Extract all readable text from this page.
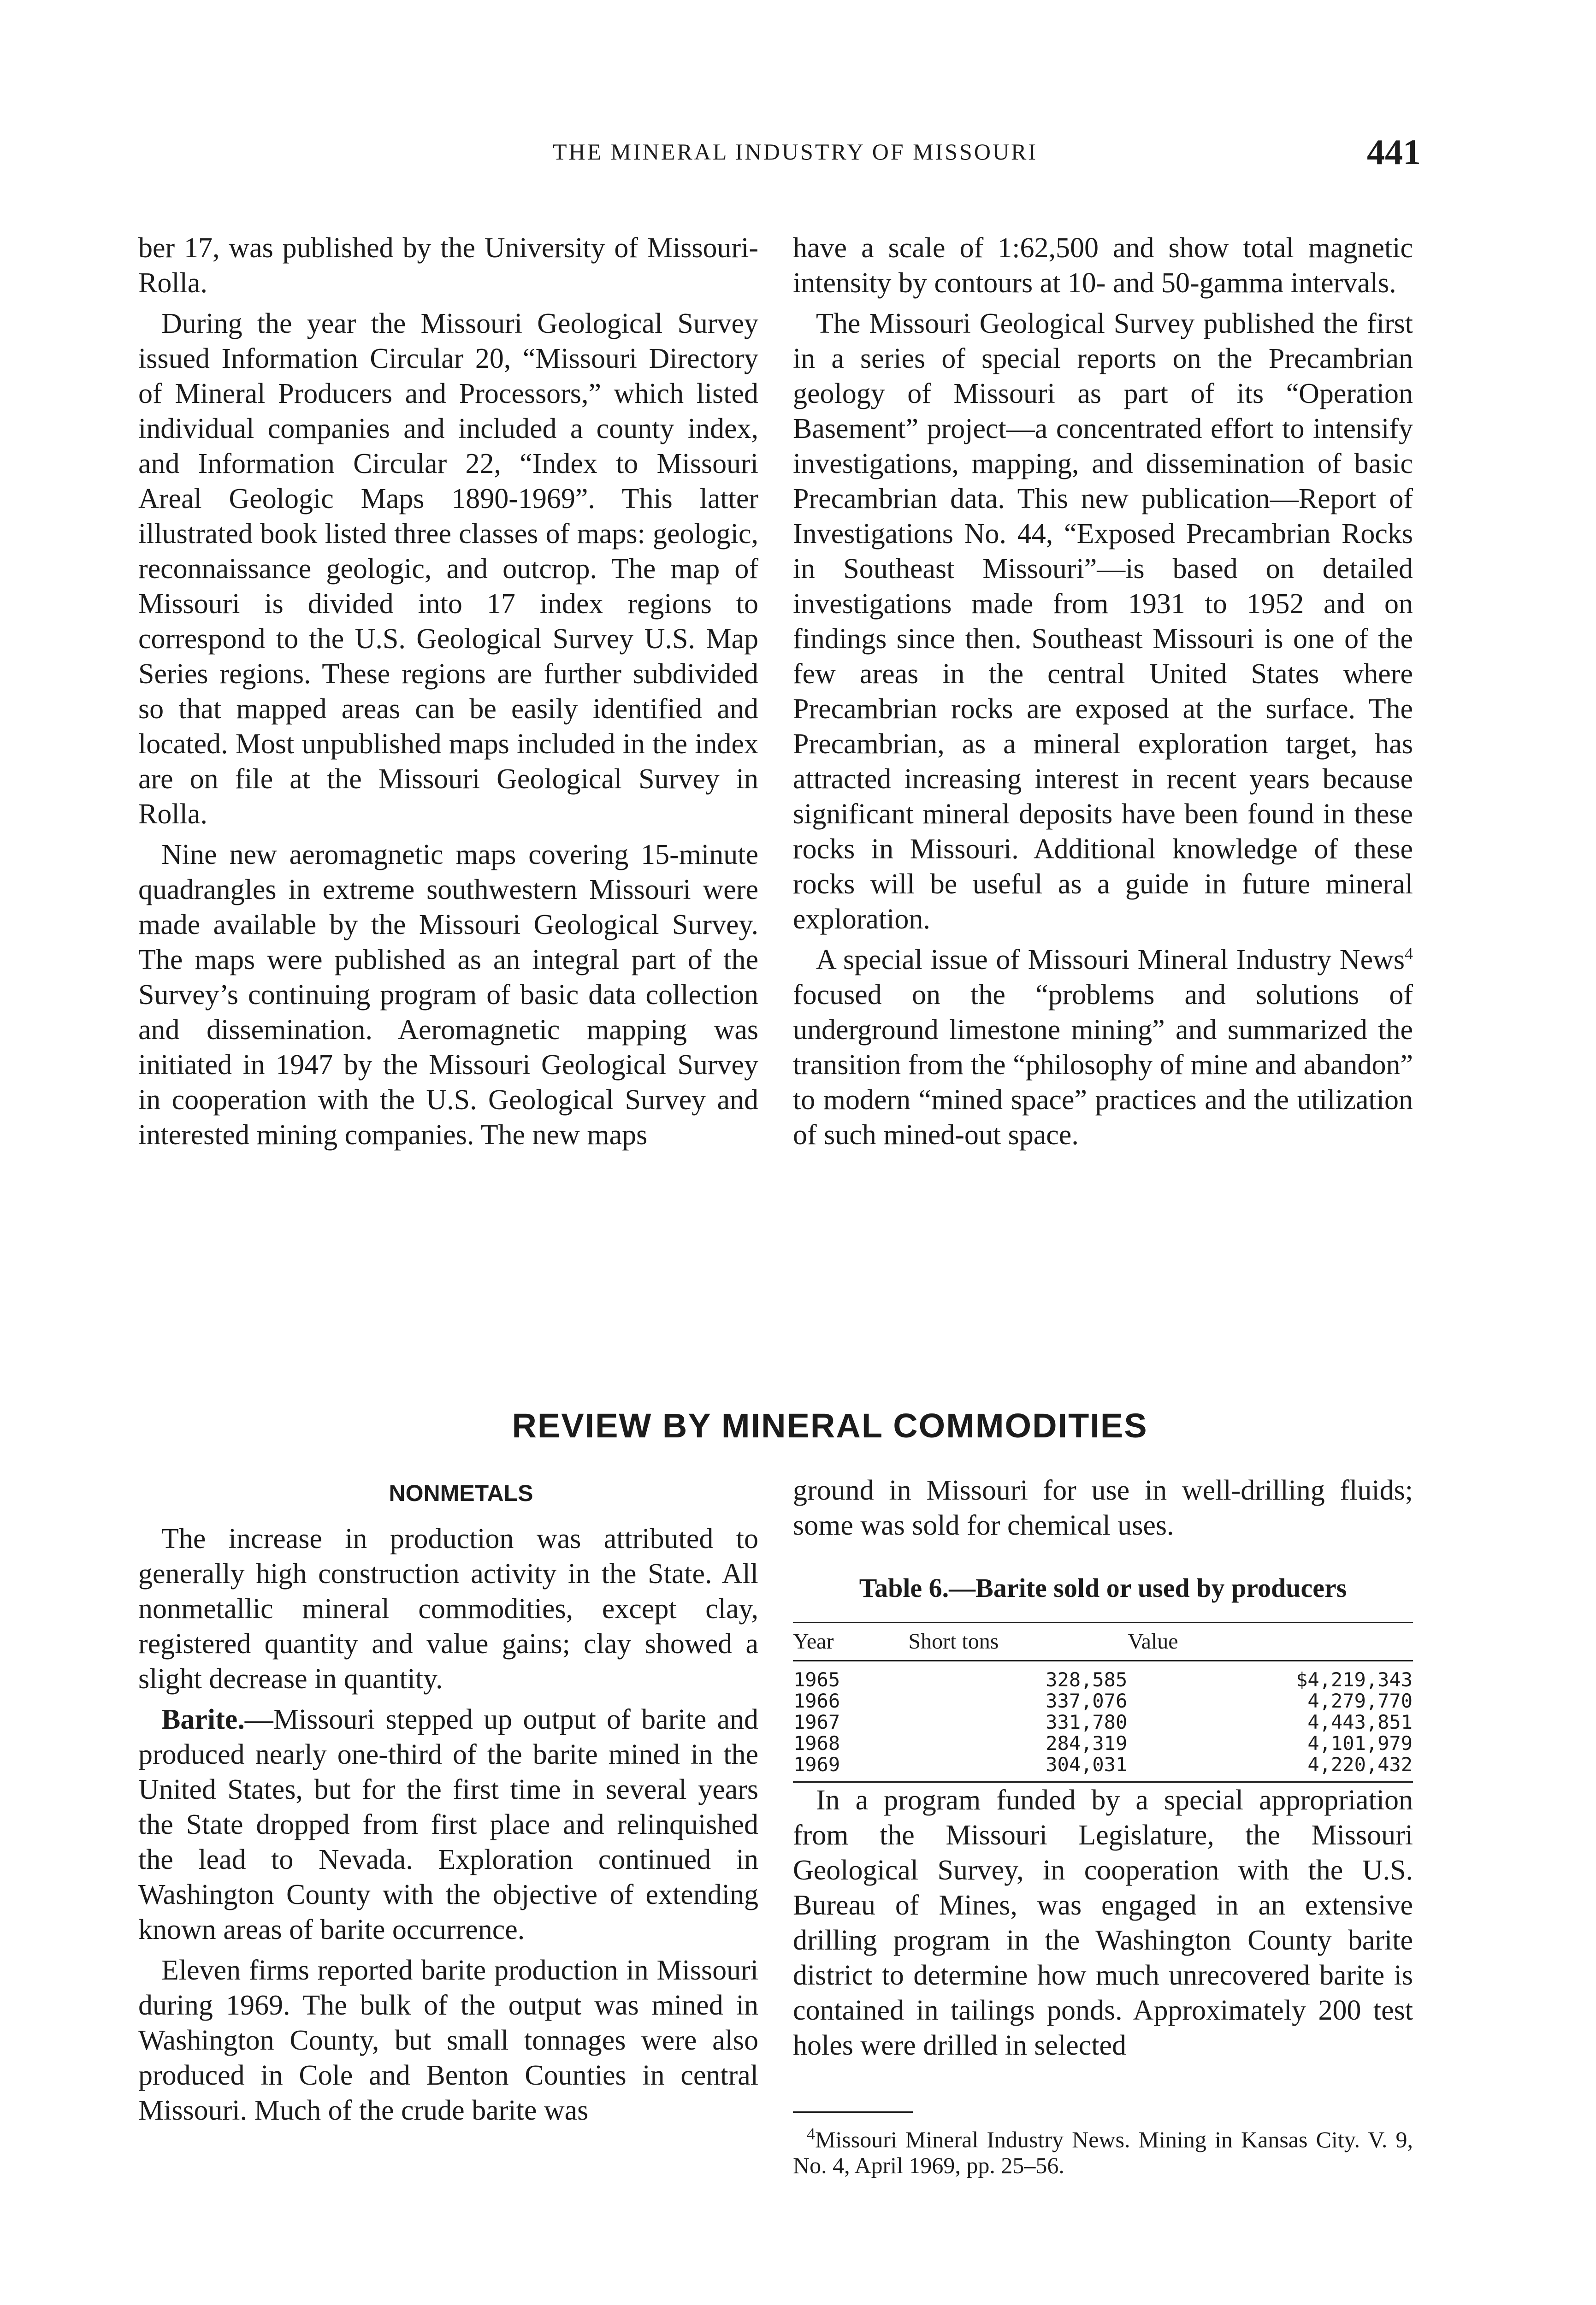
THE MINERAL INDUSTRY OF MISSOURI	441

ber 17, was published by the University of Missouri-Rolla.

During the year the Missouri Geological Survey issued Information Circular 20, “Missouri Directory of Mineral Producers and Processors,” which listed individual companies and included a county index, and Information Circular 22, “Index to Missouri Areal Geologic Maps 1890-1969”. This latter illustrated book listed three classes of maps: geologic, reconnaissance geologic, and outcrop. The map of Missouri is divided into 17 index regions to correspond to the U.S. Geological Survey U.S. Map Series regions. These regions are further subdivided so that mapped areas can be easily identified and located. Most unpublished maps included in the index are on file at the Missouri Geological Survey in Rolla.

Nine new aeromagnetic maps covering 15-minute quadrangles in extreme southwestern Missouri were made available by the Missouri Geological Survey. The maps were published as an integral part of the Survey’s continuing program of basic data collection and dissemination. Aeromagnetic mapping was initiated in 1947 by the Missouri Geological Survey in cooperation with the U.S. Geological Survey and interested mining companies. The new maps

have a scale of 1:62,500 and show total magnetic intensity by contours at 10- and 50-gamma intervals.

The Missouri Geological Survey published the first in a series of special reports on the Precambrian geology of Missouri as part of its “Operation Basement” project—a concentrated effort to intensify investigations, mapping, and dissemination of basic Precambrian data. This new publication—Report of Investigations No. 44, “Exposed Precambrian Rocks in Southeast Missouri”—is based on detailed investigations made from 1931 to 1952 and on findings since then. Southeast Missouri is one of the few areas in the central United States where Precambrian rocks are exposed at the surface. The Precambrian, as a mineral exploration target, has attracted increasing interest in recent years because significant mineral deposits have been found in these rocks in Missouri. Additional knowledge of these rocks will be useful as a guide in future mineral exploration.

A special issue of Missouri Mineral Industry News$^4$ focused on the “problems and solutions of underground limestone mining” and summarized the transition from the “philosophy of mine and abandon” to modern “mined space” practices and the utilization of such mined-out space.

REVIEW BY MINERAL COMMODITIES
NONMETALS

The increase in production was attributed to generally high construction activity in the State. All nonmetallic mineral commodities, except clay, registered quantity and value gains; clay showed a slight decrease in quantity.

Barite.—Missouri stepped up output of barite and produced nearly one-third of the barite mined in the United States, but for the first time in several years the State dropped from first place and relinquished the lead to Nevada. Exploration continued in Washington County with the objective of extending known areas of barite occurrence.

Eleven firms reported barite production in Missouri during 1969. The bulk of the output was mined in Washington County, but small tonnages were also produced in Cole and Benton Counties in central Missouri. Much of the crude barite was

ground in Missouri for use in well-drilling fluids; some was sold for chemical uses.

Table 6.—Barite sold or used by producers
Year	Short tons	Value
1965	328,585	$4,219,343
1966	337,076	4,279,770
1967	331,780	4,443,851
1968	284,319	4,101,979
1969	304,031	4,220,432

In a program funded by a special appropriation from the Missouri Legislature, the Missouri Geological Survey, in cooperation with the U.S. Bureau of Mines, was engaged in an extensive drilling program in the Washington County barite district to determine how much unrecovered barite is contained in tailings ponds. Approximately 200 test holes were drilled in selected

$^4$Missouri Mineral Industry News. Mining in Kansas City. V. 9, No. 4, April 1969, pp. 25–56.
